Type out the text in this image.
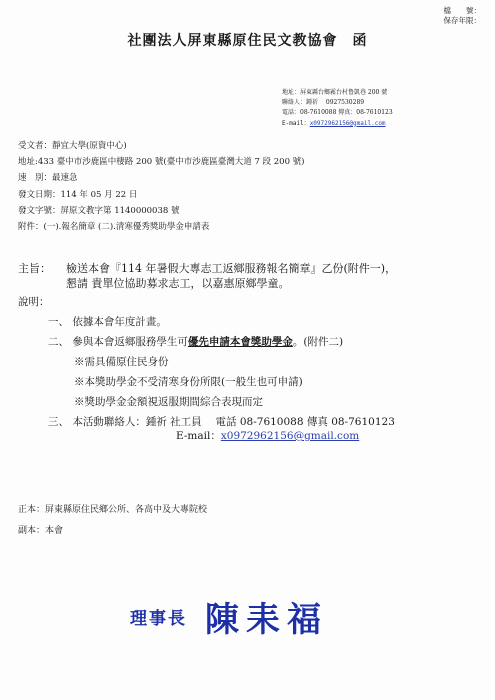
檔　　號：
保存年限：
社團法人屏東縣原住民文教協會　函
地址：屏東縣台鄉霧台村鲁凱巷 200 號
聯絡人：鍾祈　 0927530289
電話：08-7610088 傳真：08-7610123
E-mail：x0972962156@gmail.com
受文者：靜宜大學(原資中心)
地址:433 臺中市沙鹿區中棲路 200 號(臺中市沙鹿區臺灣大道 7 段 200 號)
速　別：最速急
發文日期：114 年 05 月 22 日
發文字號：屏原文教字第 1140000038 號
附件：(一).報名簡章 (二).清寒優秀獎助學金申請表
主旨： 檢送本會『114 年暑假大專志工返鄉服務報名簡章』乙份(附件一)，
懇請 貴單位協助募求志工，以嘉惠原鄉學童。
說明：
一、 依據本會年度計畫。
二、 參與本會返鄉服務學生可優先申請本會獎助學金。(附件二)
※需具備原住民身份
※本獎助學金不受清寒身份所限(一般生也可申請)
※獎助學金金額視返服期間綜合表現而定
三、 本活動聯絡人：鍾祈 社工員　 電話 08-7610088 傳真 08-7610123
E-mail：x0972962156@gmail.com
正本：屏東縣原住民鄉公所、各高中及大專院校
副本：本會
理事長 陳耒福
